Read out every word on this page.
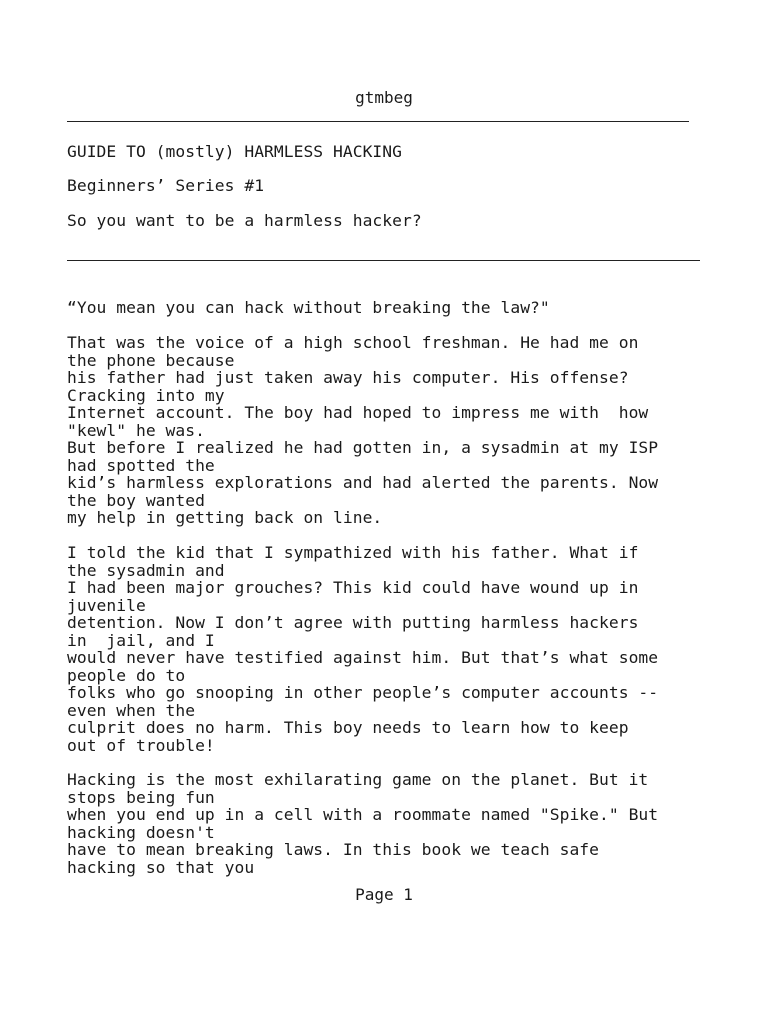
gtmbeg
GUIDE TO (mostly) HARMLESS HACKING
Beginners’ Series #1
So you want to be a harmless hacker?
“You mean you can hack without breaking the law?"
That was the voice of a high school freshman. He had me on
the phone because
his father had just taken away his computer. His offense?
Cracking into my
Internet account. The boy had hoped to impress me with  how
"kewl" he was.
But before I realized he had gotten in, a sysadmin at my ISP
had spotted the
kid’s harmless explorations and had alerted the parents. Now
the boy wanted
my help in getting back on line.
I told the kid that I sympathized with his father. What if
the sysadmin and
I had been major grouches? This kid could have wound up in
juvenile
detention. Now I don’t agree with putting harmless hackers
in  jail, and I
would never have testified against him. But that’s what some
people do to
folks who go snooping in other people’s computer accounts --
even when the
culprit does no harm. This boy needs to learn how to keep
out of trouble!
Hacking is the most exhilarating game on the planet. But it
stops being fun
when you end up in a cell with a roommate named "Spike." But
hacking doesn't
have to mean breaking laws. In this book we teach safe
hacking so that you
Page 1
